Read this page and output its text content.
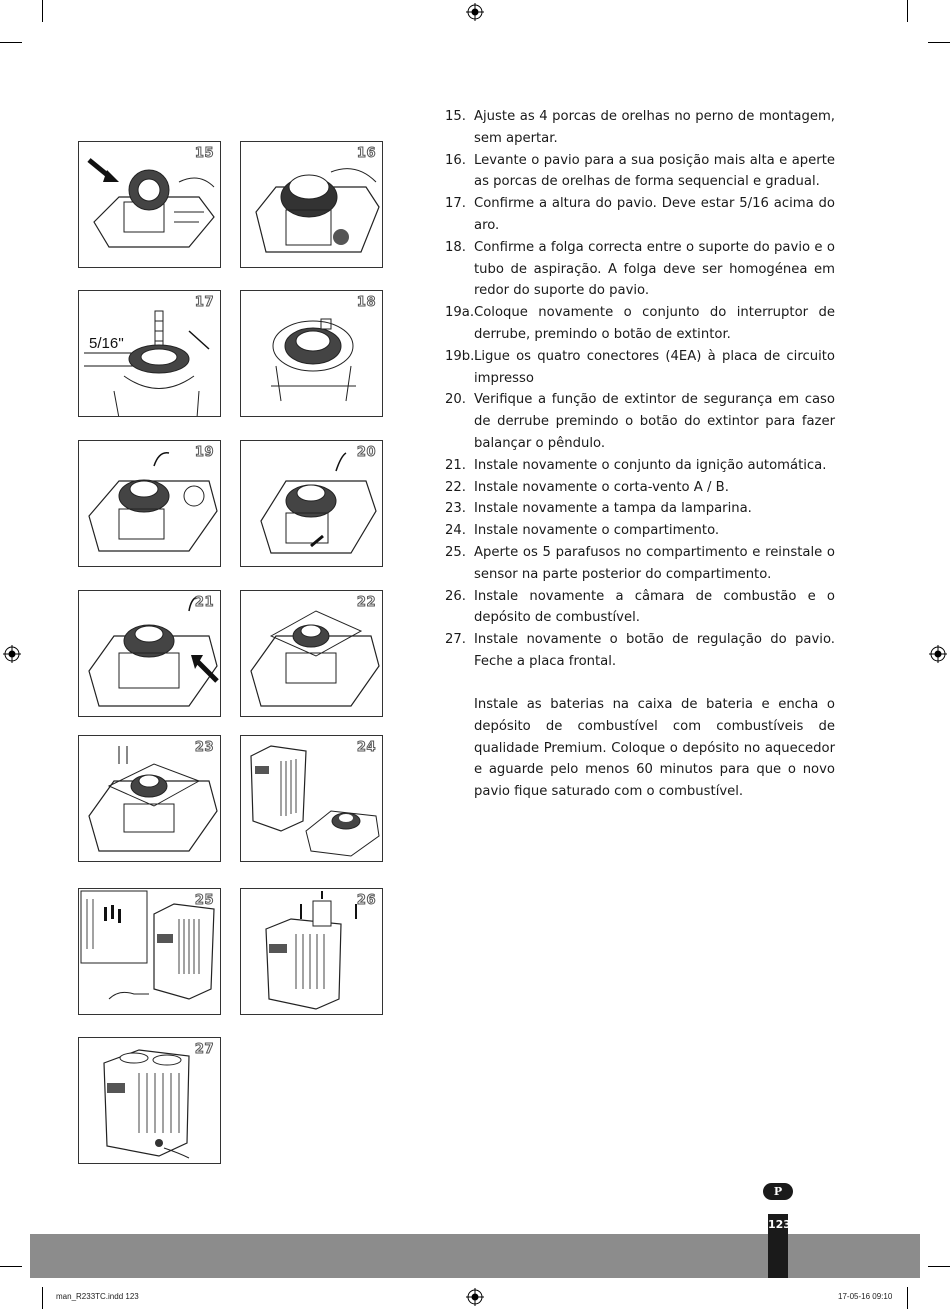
15	16
5/16''
17	18
19	20
21	22
23	24
25	26
27
15. Ajuste as 4 porcas de orelhas no perno de montagem, sem apertar.
16. Levante o pavio para a sua posição mais alta e aperte as porcas de orelhas de forma sequencial e gradual.
17. Confirme a altura do pavio. Deve estar 5/16 acima do aro.
18. Confirme a folga correcta entre o suporte do pavio e o tubo de aspiração. A folga deve ser homogénea em redor do suporte do pavio.
19a. Coloque novamente o conjunto do interruptor de derrube, premindo o botão de extintor.
19b. Ligue os quatro conectores (4EA) à placa de circuito impresso
20. Verifique a função de extintor de segurança em caso de derrube premindo o botão do extintor para fazer balançar o pêndulo.
21. Instale novamente o conjunto da ignição automática.
22. Instale novamente o corta-vento A / B.
23. Instale novamente a tampa da lamparina.
24. Instale novamente o compartimento.
25. Aperte os 5 parafusos no compartimento e reinstale o sensor na parte posterior do compartimento.
26. Instale novamente a câmara de combustão e o depósito de combustível.
27. Instale novamente o botão de regulação do pavio. Feche a placa frontal.
Instale as baterias na caixa de bateria e encha o depósito de combustível com combustíveis de qualidade Premium. Coloque o depósito no aquecedor e aguarde pelo menos 60 minutos para que o novo pavio fique saturado com o combustível.
P
123
man_R233TC.indd 123	17-05-16 09:10
